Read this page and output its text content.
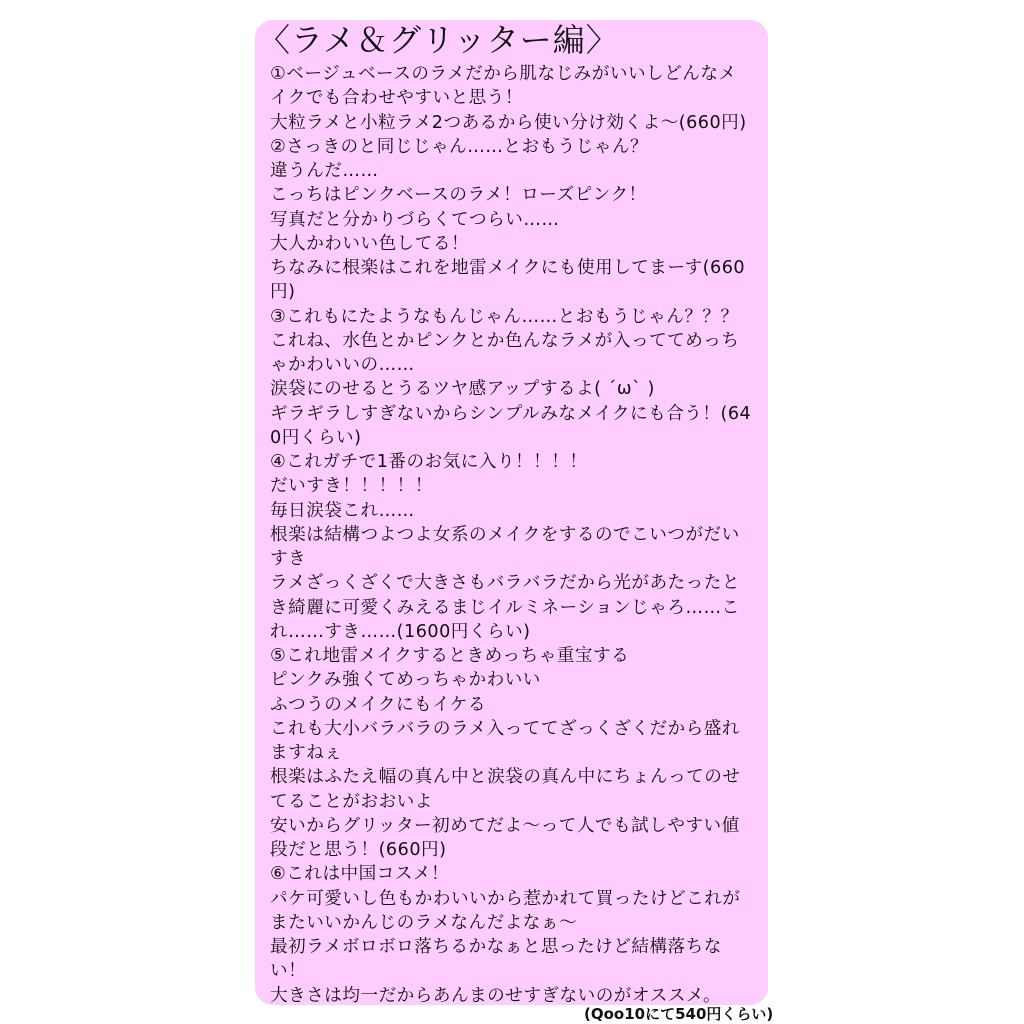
〈ラメ＆グリッター編〉
①ベージュベースのラメだから肌なじみがいいしどんなメイクでも合わせやすいと思う！
大粒ラメと小粒ラメ2つあるから使い分け効くよ〜(660円)
②さっきのと同じじゃん……とおもうじゃん？
違うんだ……
こっちはピンクベースのラメ！ローズピンク！
写真だと分かりづらくてつらい……
大人かわいい色してる！
ちなみに根楽はこれを地雷メイクにも使用してまーす(660円)
③これもにたようなもんじゃん……とおもうじゃん？？？
これね、水色とかピンクとか色んなラメが入っててめっちゃかわいいの……
涙袋にのせるとうるツヤ感アップするよ( ´ω` )
ギラギラしすぎないからシンプルみなメイクにも合う！(640円くらい)
④これガチで1番のお気に入り！！！！
だいすき！！！！！
毎日涙袋これ……
根楽は結構つよつよ女系のメイクをするのでこいつがだいすき
ラメざっくざくで大きさもバラバラだから光があたったとき綺麗に可愛くみえるまじイルミネーションじゃろ……これ……すき……(1600円くらい)
⑤これ地雷メイクするときめっちゃ重宝する
ピンクみ強くてめっちゃかわいい
ふつうのメイクにもイケる
これも大小バラバラのラメ入っててざっくざくだから盛れますねぇ
根楽はふたえ幅の真ん中と涙袋の真ん中にちょんってのせてることがおおいよ
安いからグリッター初めてだよ〜って人でも試しやすい値段だと思う！(660円)
⑥これは中国コスメ！
パケ可愛いし色もかわいいから惹かれて買ったけどこれがまたいいかんじのラメなんだよなぁ〜
最初ラメボロボロ落ちるかなぁと思ったけど結構落ちない！
大きさは均一だからあんまのせすぎないのがオススメ。
(Qoo10にて540円くらい)
